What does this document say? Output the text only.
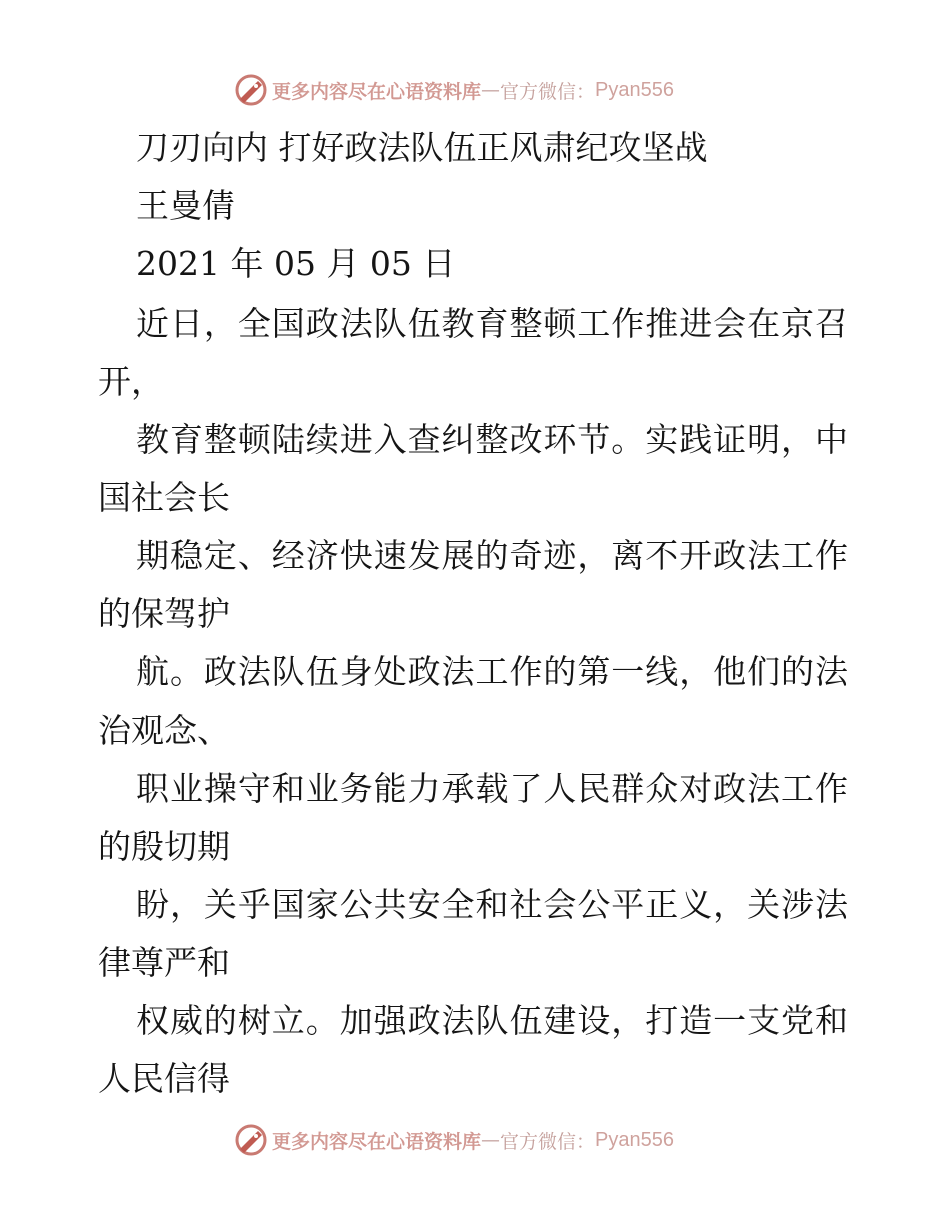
更多内容尽在心语资料库 — 官方微信： Pyan556
刀刃向内 打好政法队伍正风肃纪攻坚战
王曼倩
2021 年 05 月 05 日
近日，全国政法队伍教育整顿工作推进会在京召
开，
教育整顿陆续进入查纠整改环节。实践证明，中
国社会长
期稳定、经济快速发展的奇迹，离不开政法工作
的保驾护
航。政法队伍身处政法工作的第一线，他们的法
治观念、
职业操守和业务能力承载了人民群众对政法工作
的殷切期
盼，关乎国家公共安全和社会公平正义，关涉法
律尊严和
权威的树立。加强政法队伍建设，打造一支党和
人民信得
更多内容尽在心语资料库 — 官方微信： Pyan556
